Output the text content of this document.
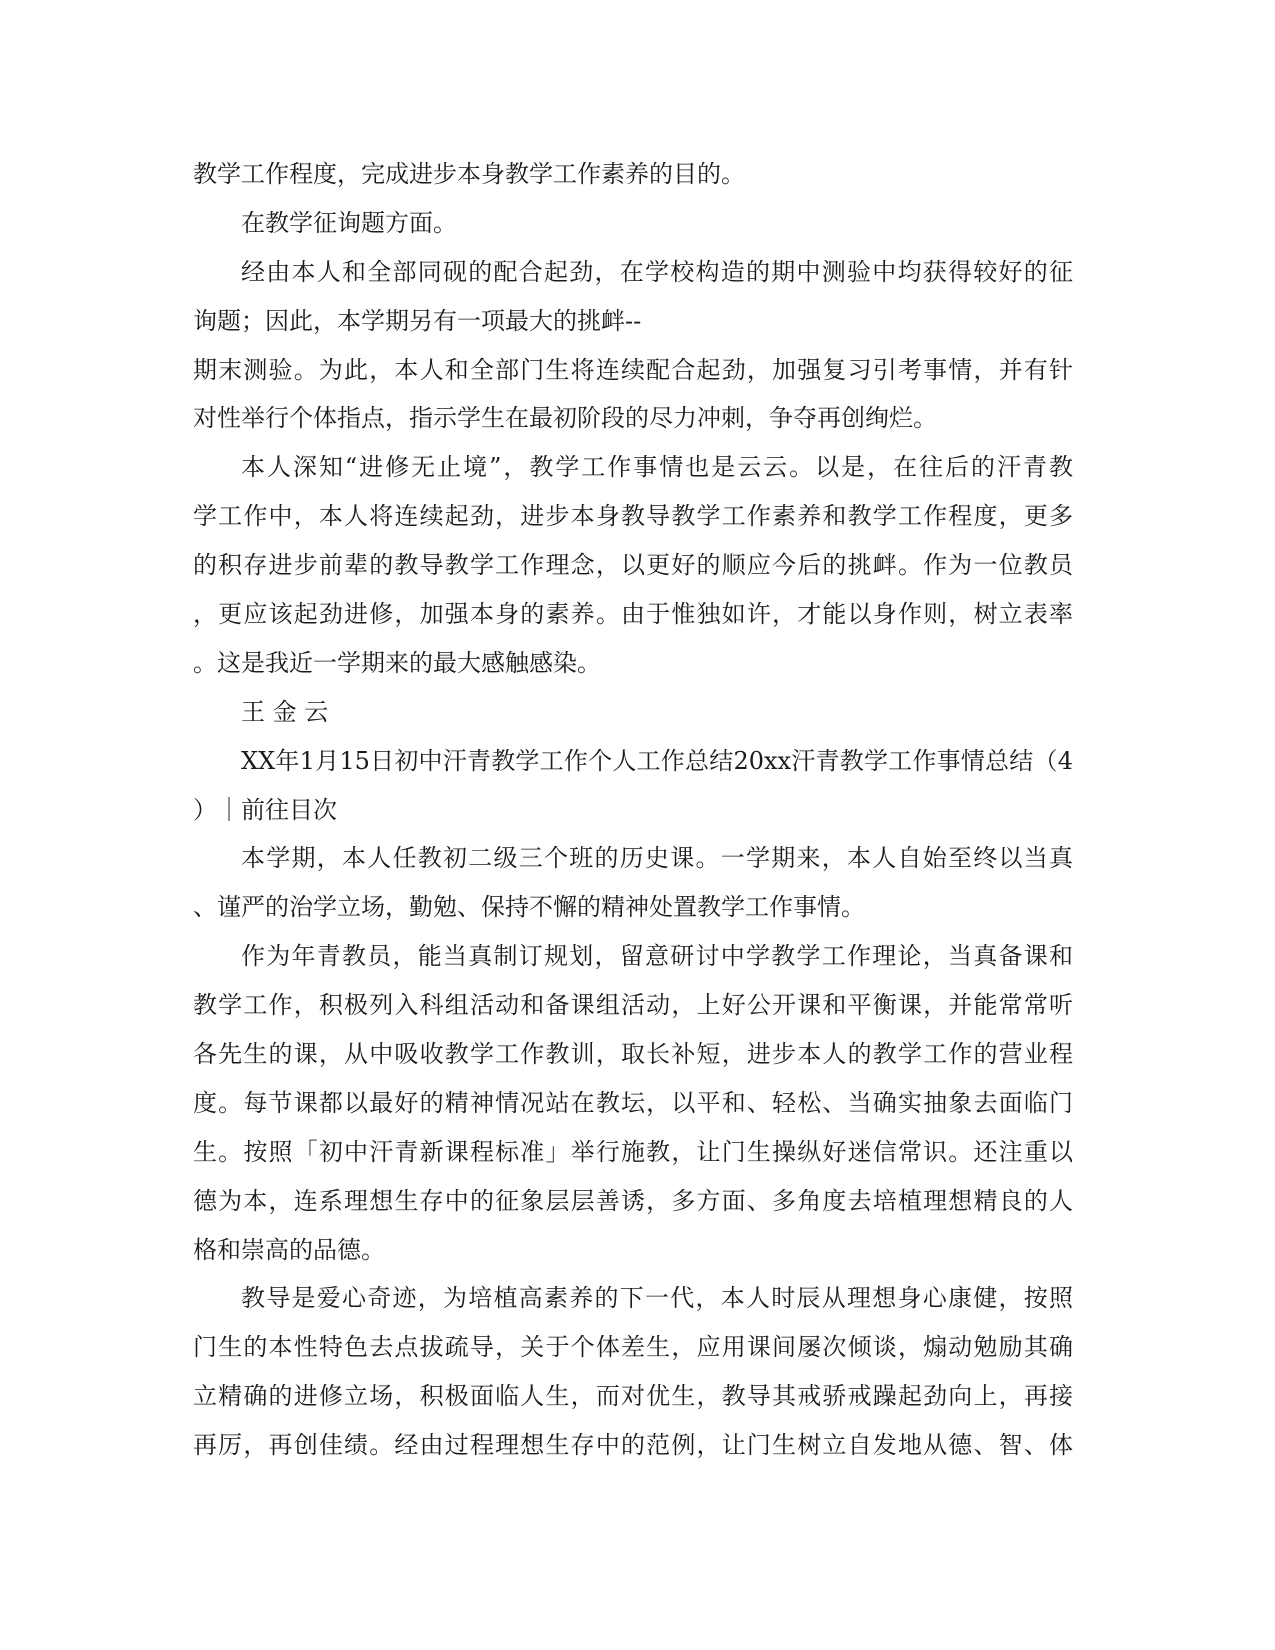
教学工作程度，完成进步本身教学工作素养的目的。
在教学征询题方面。
经由本人和全部同砚的配合起劲，在学校构造的期中测验中均获得较好的征
询题；因此，本学期另有一项最大的挑衅--
期末测验。为此，本人和全部门生将连续配合起劲，加强复习引考事情，并有针
对性举行个体指点，指示学生在最初阶段的尽力冲刺，争夺再创绚烂。
本人深知“进修无止境”，教学工作事情也是云云。以是，在往后的汗青教
学工作中，本人将连续起劲，进步本身教导教学工作素养和教学工作程度，更多
的积存进步前辈的教导教学工作理念，以更好的顺应今后的挑衅。作为一位教员
，更应该起劲进修，加强本身的素养。由于惟独如许，才能以身作则，树立表率
。这是我近一学期来的最大感触感染。
王 金 云
XX年1月15日初中汗青教学工作个人工作总结20xx汗青教学工作事情总结（4
）｜前往目次
本学期，本人任教初二级三个班的历史课。一学期来，本人自始至终以当真
、谨严的治学立场，勤勉、保持不懈的精神处置教学工作事情。
作为年青教员，能当真制订规划，留意研讨中学教学工作理论，当真备课和
教学工作，积极列入科组活动和备课组活动，上好公开课和平衡课，并能常常听
各先生的课，从中吸收教学工作教训，取长补短，进步本人的教学工作的营业程
度。每节课都以最好的精神情况站在教坛，以平和、轻松、当确实抽象去面临门
生。按照「初中汗青新课程标准」举行施教，让门生操纵好迷信常识。还注重以
德为本，连系理想生存中的征象层层善诱，多方面、多角度去培植理想精良的人
格和崇高的品德。
教导是爱心奇迹，为培植高素养的下一代，本人时辰从理想身心康健，按照
门生的本性特色去点拔疏导，关于个体差生，应用课间屡次倾谈，煽动勉励其确
立精确的进修立场，积极面临人生，而对优生，教导其戒骄戒躁起劲向上，再接
再厉，再创佳绩。经由过程理想生存中的范例，让门生树立自发地从德、智、体
